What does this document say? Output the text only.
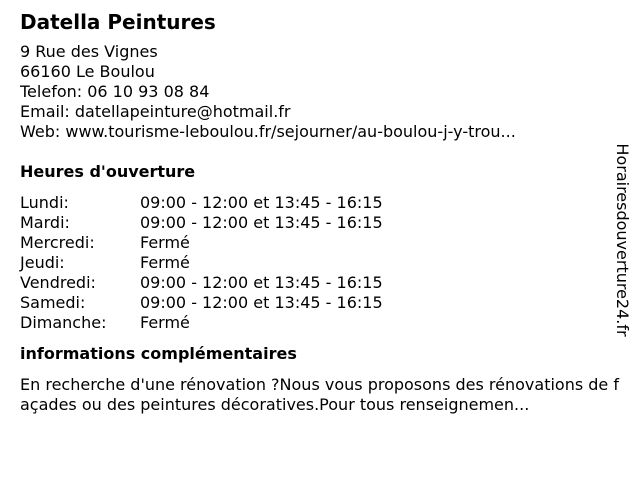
Datella Peintures
9 Rue des Vignes
66160 Le Boulou
Telefon: 06 10 93 08 84
Email: datellapeinture@hotmail.fr
Web: www.tourisme-leboulou.fr/sejourner/au-boulou-j-y-trou...
Heures d'ouverture
Lundi:	09:00 - 12:00 et 13:45 - 16:15
Mardi:	09:00 - 12:00 et 13:45 - 16:15
Mercredi:	Fermé
Jeudi:	Fermé
Vendredi:	09:00 - 12:00 et 13:45 - 16:15
Samedi:	09:00 - 12:00 et 13:45 - 16:15
Dimanche:	Fermé
informations complémentaires

En recherche d'une rénovation ?Nous vous proposons des rénovations de façades ou des peintures décoratives.Pour tous renseignemen...

Horairesdouverture24.fr
